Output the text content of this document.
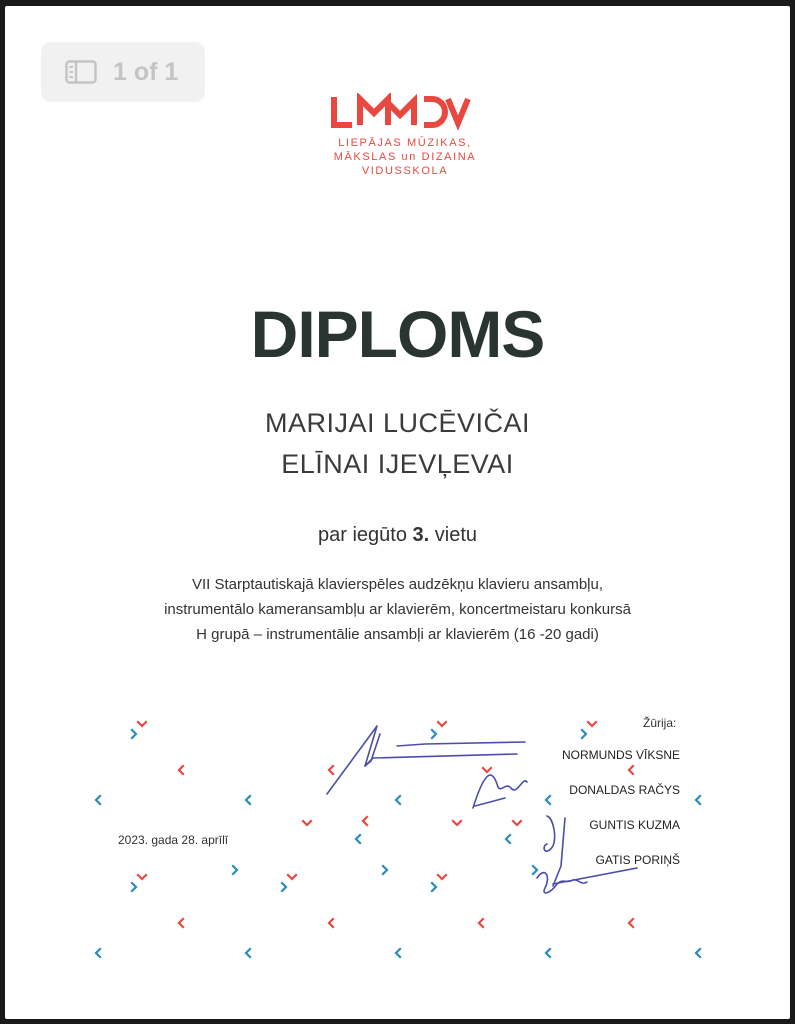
1 of 1
LIEPĀJAS MŪZIKAS,
MĀKSLAS un DIZAINA
VIDUSSKOLA
DIPLOMS
MARIJAI LUCĒVIČAI
ELĪNAI IJEVĻEVAI
par iegūto 3. vietu
VII Starptautiskajā klavierspēles audzēkņu klavieru ansambļu,
instrumentālo kameransambļu ar klavierēm, koncertmeistaru konkursā
H grupā – instrumentālie ansambļi ar klavierēm (16 -20 gadi)
Žūrija:
NORMUNDS VĪKSNE
DONALDAS RAČYS
GUNTIS KUZMA
GATIS PORIŅŠ
2023. gada 28. aprīlī
